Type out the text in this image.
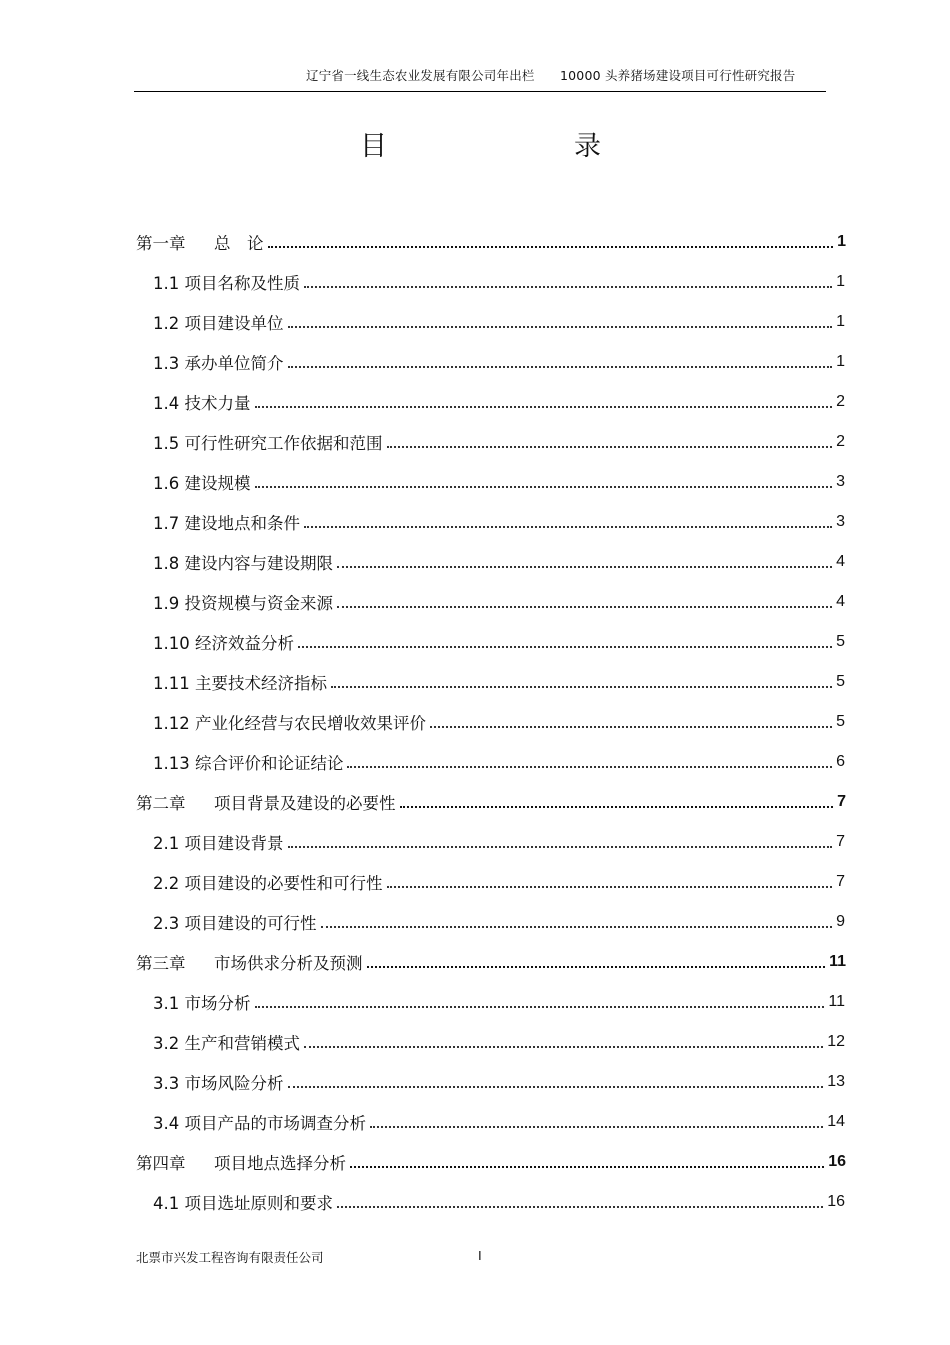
辽宁省一线生态农业发展有限公司年出栏　　10000 头养猪场建设项目可行性研究报告
目	录
第一章 总　论	1
1.1 项目名称及性质	1
1.2 项目建设单位	1
1.3 承办单位简介	1
1.4 技术力量	2
1.5 可行性研究工作依据和范围	2
1.6 建设规模	3
1.7 建设地点和条件	3
1.8 建设内容与建设期限	4
1.9 投资规模与资金来源	4
1.10 经济效益分析	5
1.11 主要技术经济指标	5
1.12 产业化经营与农民增收效果评价	5
1.13 综合评价和论证结论	6
第二章 项目背景及建设的必要性	7
2.1 项目建设背景	7
2.2 项目建设的必要性和可行性	7
2.3 项目建设的可行性	9
第三章 市场供求分析及预测	11
3.1 市场分析	11
3.2 生产和营销模式	12
3.3 市场风险分析	13
3.4 项目产品的市场调查分析	14
第四章 项目地点选择分析	16
4.1 项目选址原则和要求	16
北票市兴发工程咨询有限责任公司	I
